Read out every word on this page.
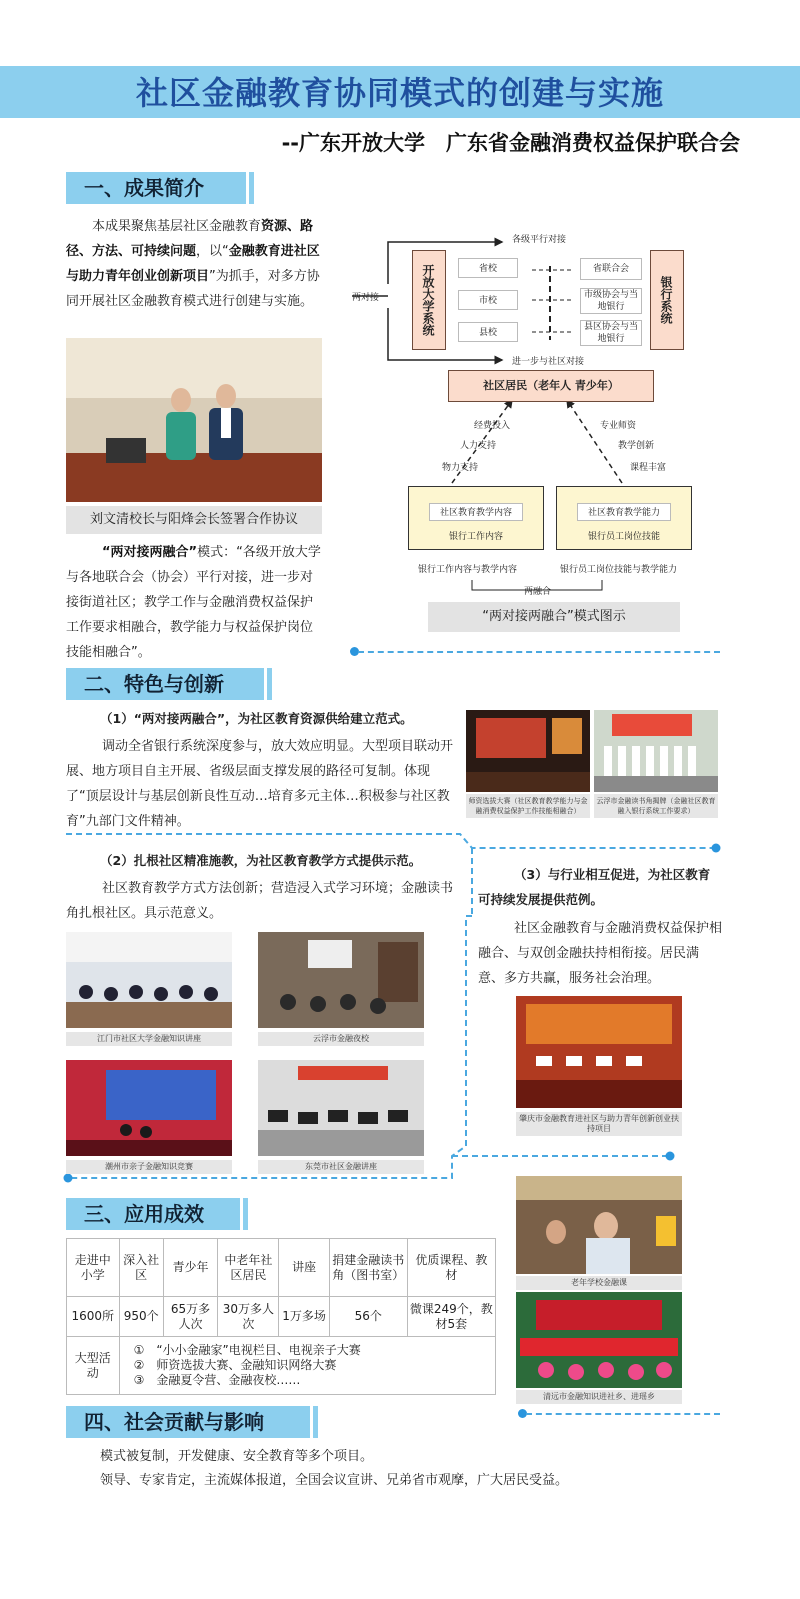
社区金融教育协同模式的创建与实施
--广东开放大学　广东省金融消费权益保护联合会
一、成果简介
本成果聚焦基层社区金融教育资源、路径、方法、可持续问题，以“金融教育进社区与助力青年创业创新项目”为抓手，对多方协同开展社区金融教育模式进行创建与实施。
刘文清校长与阳烽会长签署合作协议
“两对接两融合”模式：“各级开放大学与各地联合会（协会）平行对接，进一步对接街道社区；教学工作与金融消费权益保护工作要求相融合，教学能力与权益保护岗位技能相融合”。
各级平行对接
两对接	开放大学系统	银行系统
省校
市校
县校
省联合会
市级协会与当地银行
县区协会与当地银行
进一步与社区对接
社区居民（老年人 青少年）
经费投入
人力支持
物力支持
专业师资
教学创新
课程丰富
社区教育教学内容
银行工作内容
社区教育教学能力
银行员工岗位技能
银行工作内容与教学内容	银行员工岗位技能与教学能力
两融合
“两对接两融合”模式图示
二、特色与创新
（1）“两对接两融合”，为社区教育资源供给建立范式。
调动全省银行系统深度参与，放大效应明显。大型项目联动开展、地方项目自主开展、省级层面支撑发展的路径可复制。体现了“顶层设计与基层创新良性互动…培育多元主体…积极参与社区教育”九部门文件精神。
师资选拔大赛（社区教育教学能力与金融消费权益保护工作技能相融合）
云浮市金融读书角揭牌（金融社区教育融入银行系统工作要求）
（2）扎根社区精准施教，为社区教育教学方式提供示范。
社区教育教学方式方法创新；营造浸入式学习环境；金融读书角扎根社区。具示范意义。
江门市社区大学金融知识讲座	云浮市金融夜校
潮州市亲子金融知识竞赛	东莞市社区金融讲座
（3）与行业相互促进，为社区教育可持续发展提供范例。
社区金融教育与金融消费权益保护相融合、与双创金融扶持相衔接。居民满意、多方共赢，服务社会治理。
肇庆市金融教育进社区与助力青年创新创业扶持项目
三、应用成效
走进中小学	深入社区	青少年	中老年社区居民	讲座	捐建金融读书角（图书室）	优质课程、教材
1600所	950个	65万多人次	30万多人次	1万多场	56个	微课249个，教材5套
大型活动	①　“小小金融家”电视栏目、电视亲子大赛
②　师资选拔大赛、金融知识网络大赛
③　金融夏令营、金融夜校……					
老年学校金融课
清远市金融知识进社乡、进瑶乡
四、社会贡献与影响
模式被复制，开发健康、安全教育等多个项目。
领导、专家肯定，主流媒体报道，全国会议宣讲、兄弟省市观摩，广大居民受益。
